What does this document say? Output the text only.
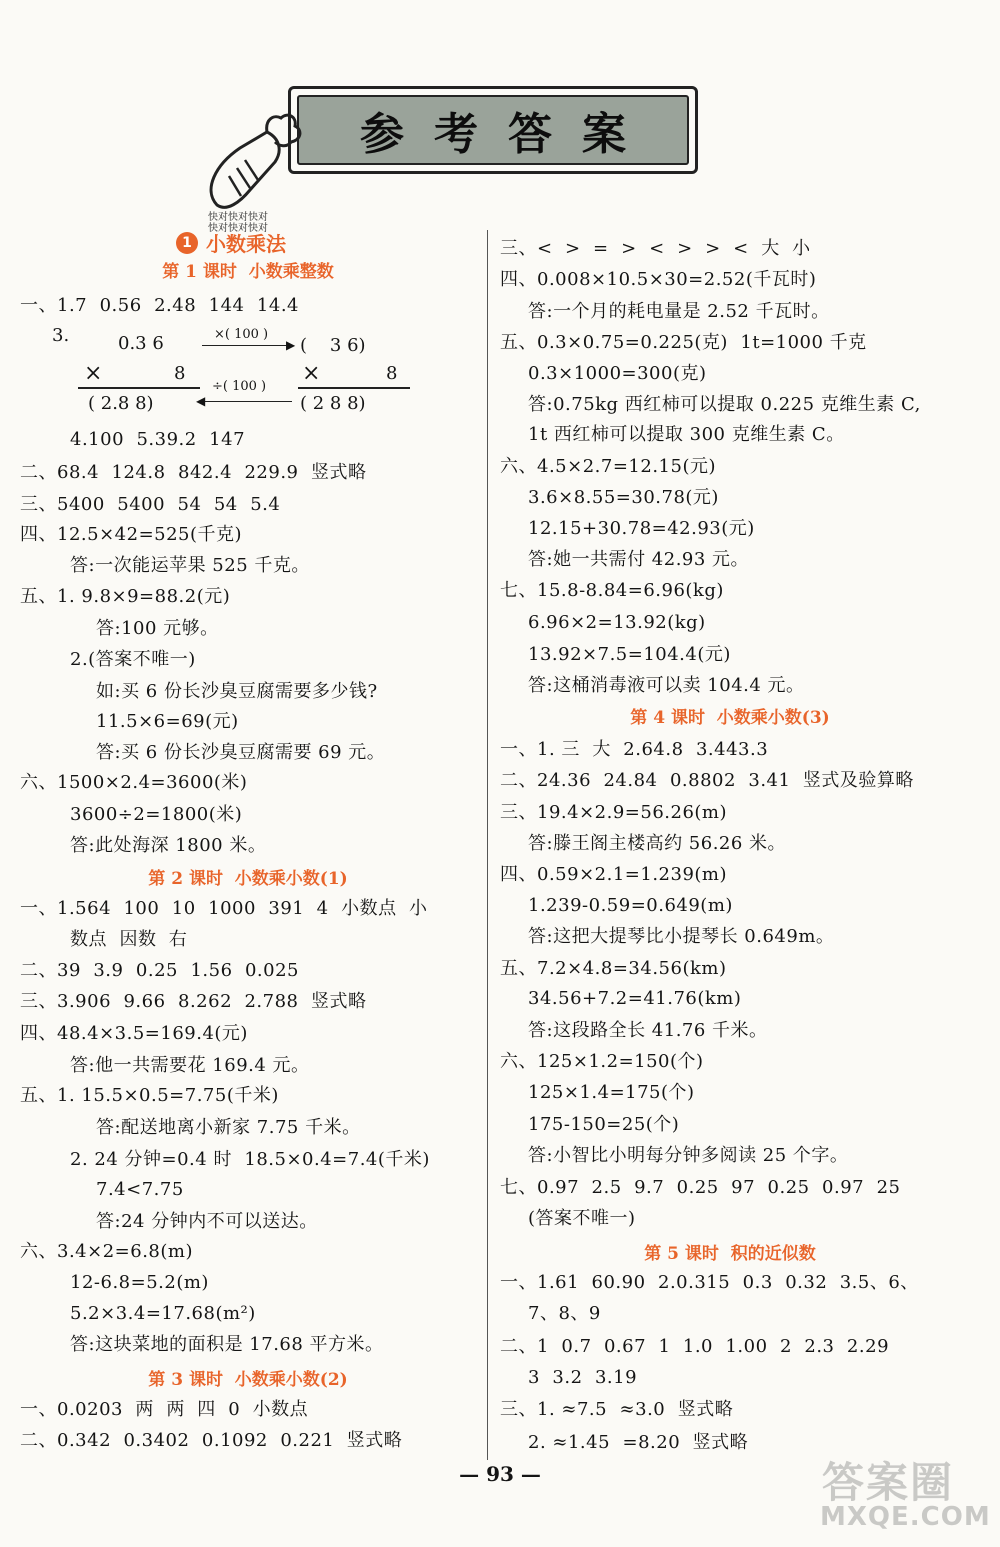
参考答案
快对快对快对
快对快对快对
1 小数乘法
3.	0.3 6
×	8
( 2.8 8)
×( 100 )
▶
÷( 100 )
◀
(    3 6)
×	8
( 2 8 8)
第 1 课时  小数乘整数
一、1.7  0.56  2.48  144  14.4
4.100  5.39.2  147
二、68.4  124.8  842.4  229.9  竖式略
三、5400  5400  54  54  5.4
四、12.5×42=525(千克)
答:一次能运苹果 525 千克。
五、1. 9.8×9=88.2(元)
答:100 元够。
2.(答案不唯一)
如:买 6 份长沙臭豆腐需要多少钱?
11.5×6=69(元)
答:买 6 份长沙臭豆腐需要 69 元。
六、1500×2.4=3600(米)
3600÷2=1800(米)
答:此处海深 1800 米。
第 2 课时  小数乘小数(1)
一、1.564  100  10  1000  391  4  小数点  小
数点  因数  右
二、39  3.9  0.25  1.56  0.025
三、3.906  9.66  8.262  2.788  竖式略
四、48.4×3.5=169.4(元)
答:他一共需要花 169.4 元。
五、1. 15.5×0.5=7.75(千米)
答:配送地离小新家 7.75 千米。
2. 24 分钟=0.4 时  18.5×0.4=7.4(千米)
7.4<7.75
答:24 分钟内不可以送达。
六、3.4×2=6.8(m)
12-6.8=5.2(m)
5.2×3.4=17.68(m²)
答:这块菜地的面积是 17.68 平方米。
第 3 课时  小数乘小数(2)
一、0.0203  两  两  四  0  小数点
二、0.342  0.3402  0.1092  0.221  竖式略
三、<  >  =  >  <  >  >  <  大  小
四、0.008×10.5×30=2.52(千瓦时)
答:一个月的耗电量是 2.52 千瓦时。
五、0.3×0.75=0.225(克)  1t=1000 千克
0.3×1000=300(克)
答:0.75kg 西红柿可以提取 0.225 克维生素 C,
1t 西红柿可以提取 300 克维生素 C。
六、4.5×2.7=12.15(元)
3.6×8.55=30.78(元)
12.15+30.78=42.93(元)
答:她一共需付 42.93 元。
七、15.8-8.84=6.96(kg)
6.96×2=13.92(kg)
13.92×7.5=104.4(元)
答:这桶消毒液可以卖 104.4 元。
第 4 课时  小数乘小数(3)
一、1. 三  大  2.64.8  3.443.3
二、24.36  24.84  0.8802  3.41  竖式及验算略
三、19.4×2.9=56.26(m)
答:滕王阁主楼高约 56.26 米。
四、0.59×2.1=1.239(m)
1.239-0.59=0.649(m)
答:这把大提琴比小提琴长 0.649m。
五、7.2×4.8=34.56(km)
34.56+7.2=41.76(km)
答:这段路全长 41.76 千米。
六、125×1.2=150(个)
125×1.4=175(个)
175-150=25(个)
答:小智比小明每分钟多阅读 25 个字。
七、0.97  2.5  9.7  0.25  97  0.25  0.97  25
(答案不唯一)
第 5 课时  积的近似数
一、1.61  60.90  2.0.315  0.3  0.32  3.5、6、
7、8、9
二、1  0.7  0.67  1  1.0  1.00  2  2.3  2.29
3  3.2  3.19
三、1. ≈7.5  ≈3.0  竖式略
2. ≈1.45  =8.20  竖式略
— 93 —	答案圈
MXQE.COM
